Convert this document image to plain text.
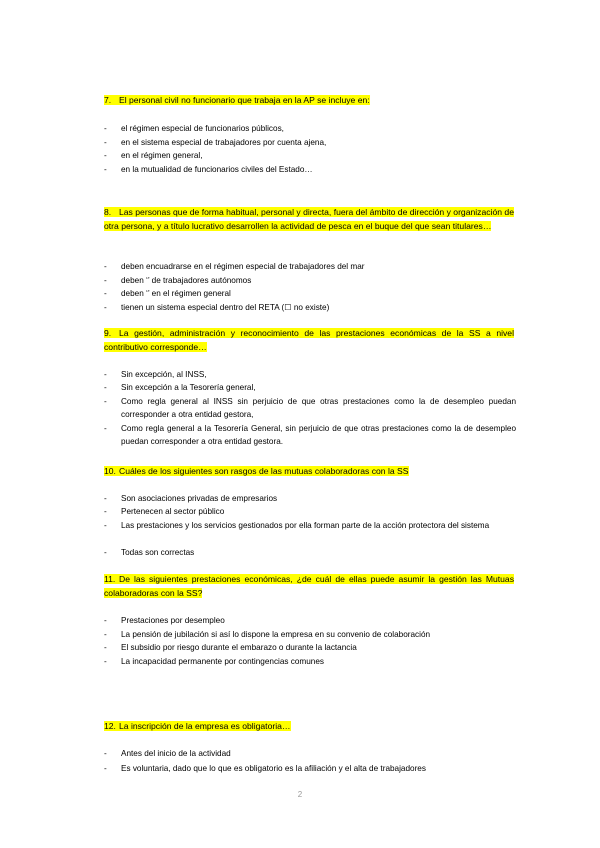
7. El personal civil no funcionario que trabaja en la AP se incluye en:
- el régimen especial de funcionarios públicos,
- en el sistema especial de trabajadores por cuenta ajena,
- en el régimen general,
- en la mutualidad de funcionarios civiles del Estado…
8. Las personas que de forma habitual, personal y directa, fuera del ámbito de dirección y organización de otra persona, y a título lucrativo desarrollen la actividad de pesca en el buque del que sean titulares…
- deben encuadrarse en el régimen especial de trabajadores del mar
- deben ‘’ de trabajadores autónomos
- deben ‘’ en el régimen general
- tienen un sistema especial dentro del RETA (☐ no existe)
9. La gestión, administración y reconocimiento de las prestaciones económicas de la SS a nivel contributivo corresponde…
- Sin excepción, al INSS,
- Sin excepción a la Tesorería general,
- Como regla general al INSS sin perjuicio de que otras prestaciones como la de desempleo puedan corresponder a otra entidad gestora,
- Como regla general a la Tesorería General, sin perjuicio de que otras prestaciones como la de desempleo puedan corresponder a otra entidad gestora.
10. Cuáles de los siguientes son rasgos de las mutuas colaboradoras con la SS
- Son asociaciones privadas de empresarios
- Pertenecen al sector público
- Las prestaciones y los servicios gestionados por ella forman parte de la acción protectora del sistema
- Todas son correctas
11. De las siguientes prestaciones económicas, ¿de cuál de ellas puede asumir la gestión las Mutuas colaboradoras con la SS?
- Prestaciones por desempleo
- La pensión de jubilación si así lo dispone la empresa en su convenio de colaboración
- El subsidio por riesgo durante el embarazo o durante la lactancia
- La incapacidad permanente por contingencias comunes
12. La inscripción de la empresa es obligatoria…
- Antes del inicio de la actividad
- Es voluntaria, dado que lo que es obligatorio es la afiliación y el alta de trabajadores
2
